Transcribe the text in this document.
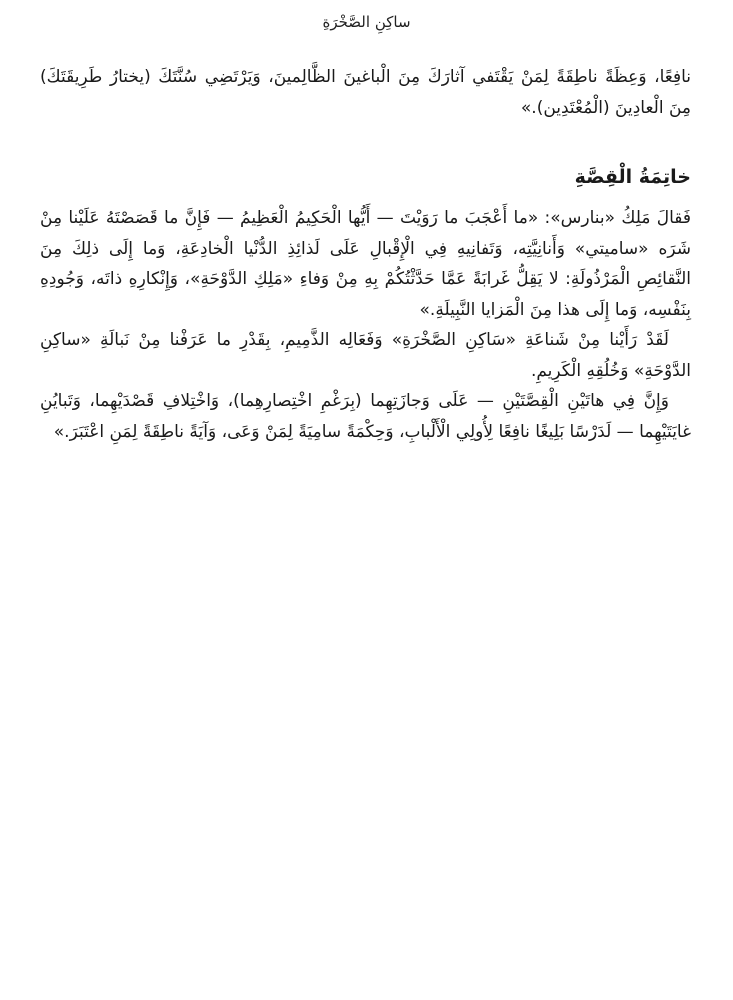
ساكِنِ الصَّخْرَةِ

نافِعًا، وَعِظَةً ناطِقَةً لِمَنْ يَقْتَفي آثارَكَ مِنَ الْباغينَ الظَّالِمينَ، وَيَرْتَضِي سُنَّتَكَ (يختارُ طَرِيقَتَكَ) مِنَ الْعادِينَ (الْمُعْتَدِين).»

خاتِمَةُ الْقِصَّةِ

فَقالَ مَلِكُ «بنارس»: «ما أَعْجَبَ ما رَوَيْتَ — أَيُّها الْحَكِيمُ الْعَظِيمُ — فَإِنَّ ما قَصَصْتَهُ عَلَيْنا مِنْ شَرَه «ساميتي» وَأَنانِيَّتِه، وَتَفانِيهِ فِي الْإِقْبالِ عَلَى لَذائِذِ الدُّنْيا الْخادِعَةِ، وَما إِلَى ذلِكَ مِنَ النَّقائِصِ الْمَرْذُولَةِ: لا يَقِلُّ غَرابَةً عَمَّا حَدَّثْتُكُمْ بِهِ مِنْ وَفاءِ «مَلِكِ الدَّوْحَةِ»، وَإِنْكارِهِ ذاتَه، وَجُودِهِ بِنَفْسِه، وَما إِلَى هذا مِنَ الْمَزايا النَّبِيلَةِ.»

لَقَدْ رَأَيْنا مِنْ شَناعَةِ «سَاكِنِ الصَّخْرَةِ» وَفَعَالِه الذَّمِيمِ، بِقَدْرِ ما عَرَفْنا مِنْ نَبالَةِ «ساكِنِ الدَّوْحَةِ» وَخُلُقِهِ الْكَرِيمِ.

وَإِنَّ فِي هاتَيْنِ الْقِصَّتَيْنِ — عَلَى وَجازَتِهِما (بِرَغْمِ اخْتِصارِهِما)، وَاخْتِلافِ قَصْدَيْهِما، وَتَبايُنِ غايَتَيْهِما — لَدَرْسًا بَلِيغًا نافِعًا لِأُولِي الْأَلْبابِ، وَحِكْمَةً سامِيَةً لِمَنْ وَعَى، وَآيَةً ناطِقَةً لِمَنِ اعْتَبَرَ.»
